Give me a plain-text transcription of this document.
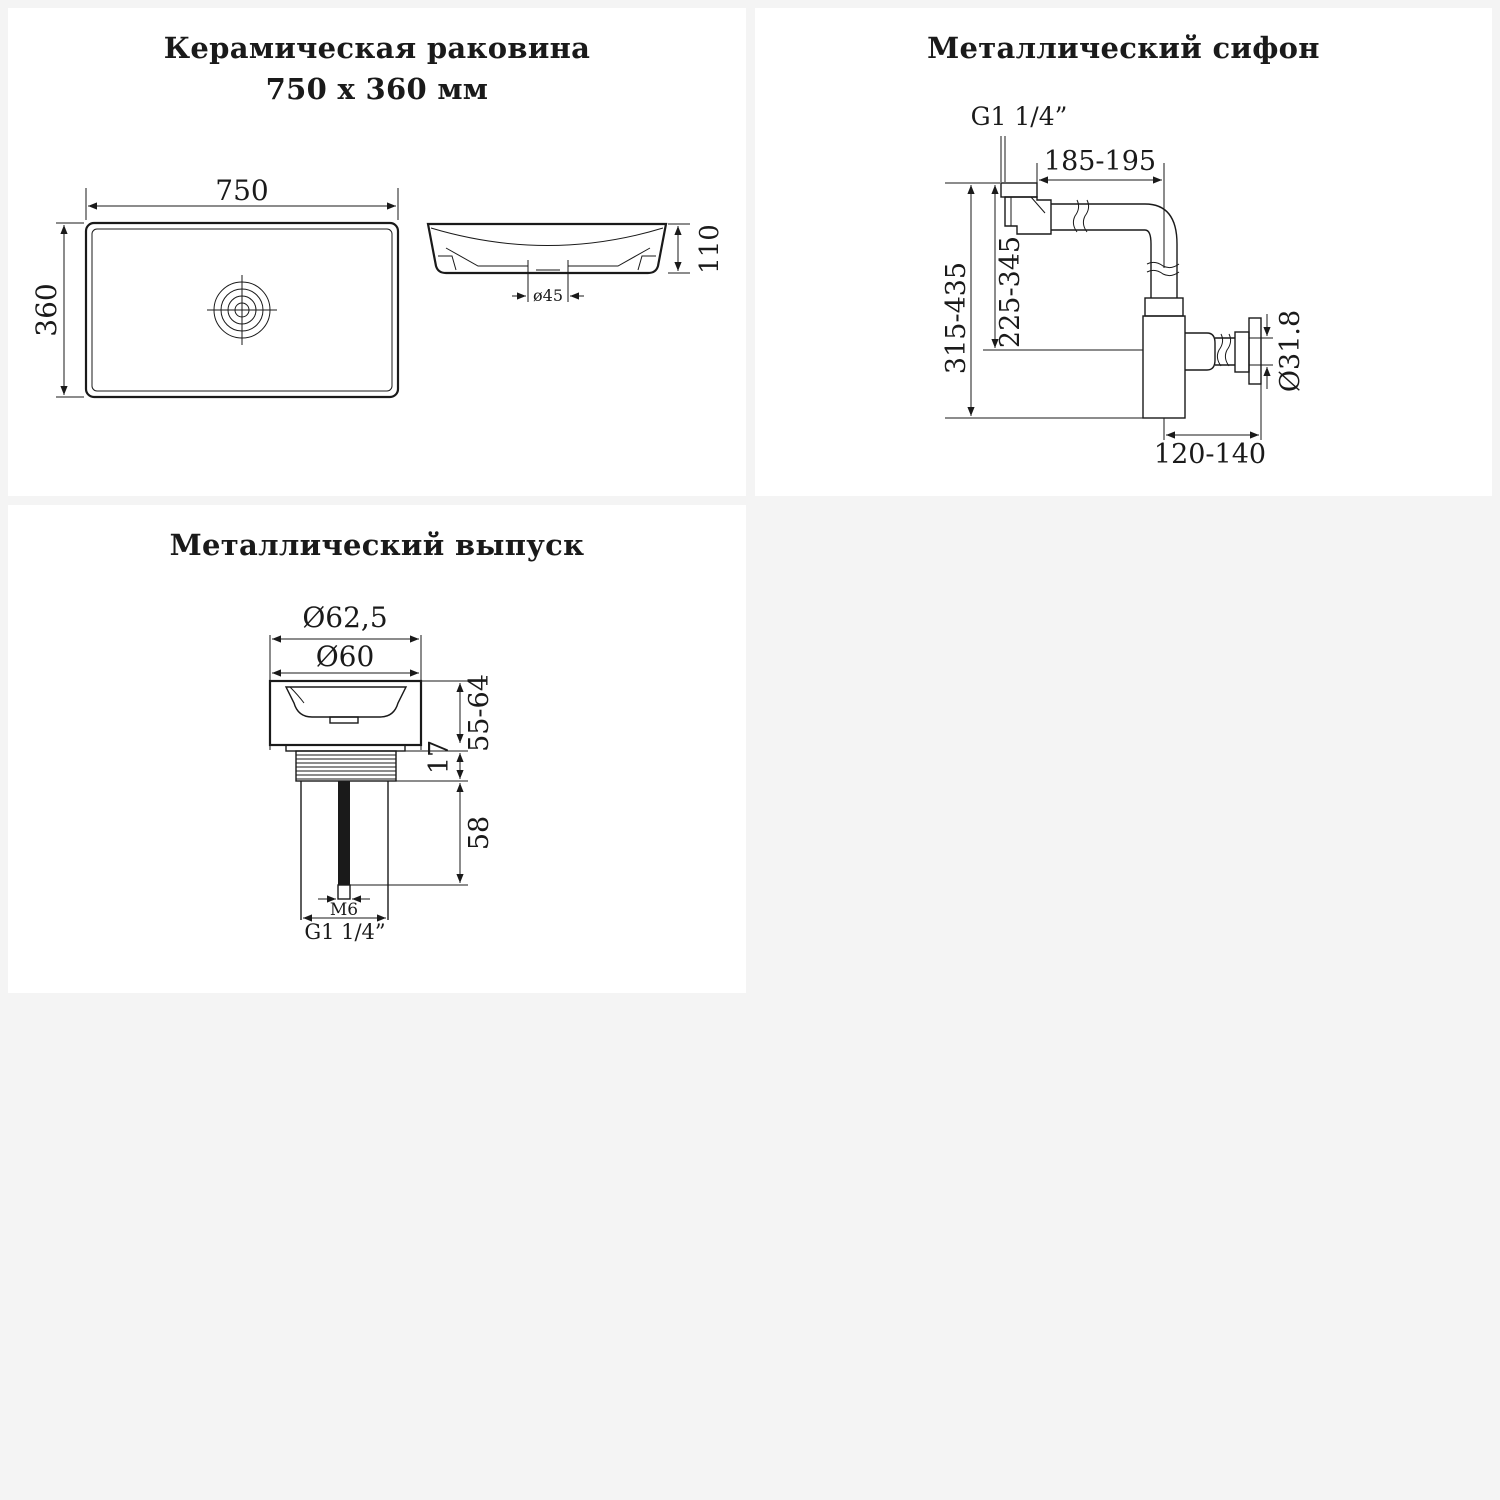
Керамическая раковина
750 х 360 мм
750
360
110
ø45
Металлический сифон
G1 1/4”
185-195
315-435 225-345
Ø31.8
120-140
Металлический выпуск
Ø62,5
Ø60
55-64
17
58
M6
G1 1/4”
